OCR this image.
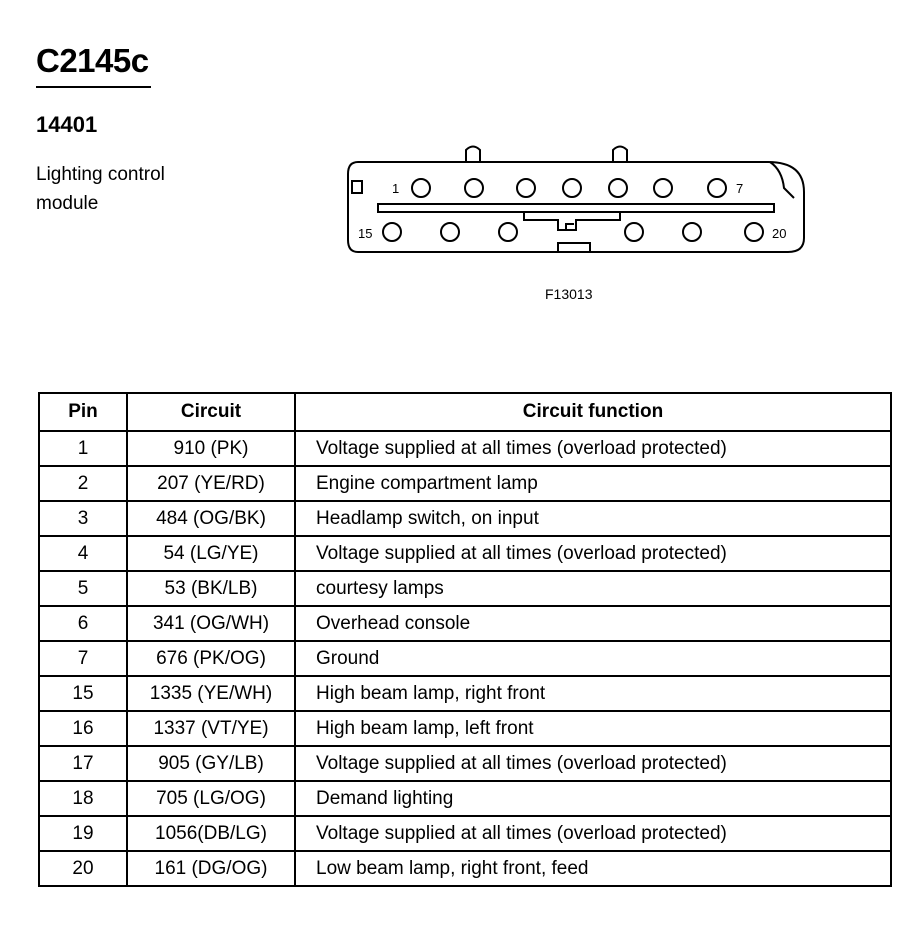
C2145c
14401
Lighting control
module
1	7
15	20
F13013
Pin	Circuit	Circuit function
1	910 (PK)	Voltage supplied at all times (overload protected)
2	207 (YE/RD)	Engine compartment lamp
3	484 (OG/BK)	Headlamp switch, on input
4	54 (LG/YE)	Voltage supplied at all times (overload protected)
5	53 (BK/LB)	courtesy lamps
6	341 (OG/WH)	Overhead console
7	676 (PK/OG)	Ground
15	1335 (YE/WH)	High beam lamp, right front
16	1337 (VT/YE)	High beam lamp, left front
17	905 (GY/LB)	Voltage supplied at all times (overload protected)
18	705 (LG/OG)	Demand lighting
19	1056(DB/LG)	Voltage supplied at all times (overload protected)
20	161 (DG/OG)	Low beam lamp, right front, feed
